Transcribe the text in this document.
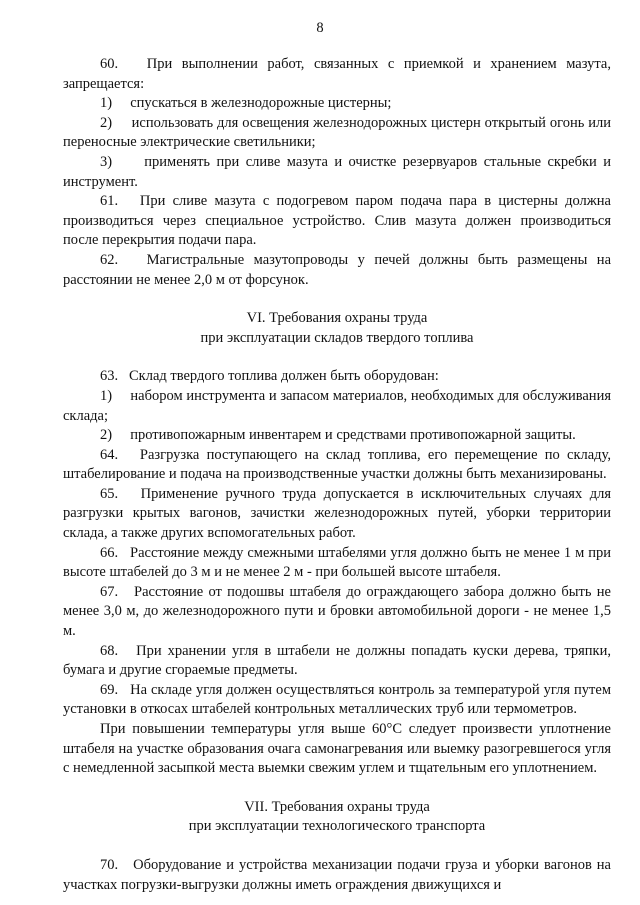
8

60.   При выполнении работ, связанных с приемкой и хранением мазута, запрещается:

1)     спускаться в железнодорожные цистерны;

2)     использовать для освещения железнодорожных цистерн открытый огонь или переносные электрические светильники;

3)     применять при сливе мазута и очистке резервуаров стальные скребки и инструмент.

61.   При сливе мазута с подогревом паром подача пара в цистерны должна производиться через специальное устройство. Слив мазута должен производиться после перекрытия подачи пара.

62.   Магистральные мазутопроводы у печей должны быть размещены на расстоянии не менее 2,0 м от форсунок.

VI. Требования охраны труда

при эксплуатации складов твердого топлива

63.   Склад твердого топлива должен быть оборудован:

1)     набором инструмента и запасом материалов, необходимых для обслуживания склада;

2)     противопожарным инвентарем и средствами противопожарной защиты.

64.   Разгрузка поступающего на склад топлива, его перемещение по складу, штабелирование и подача на производственные участки должны быть механизированы.

65.   Применение ручного труда допускается в исключительных случаях для разгрузки крытых вагонов, зачистки железнодорожных путей, уборки территории склада, а также других вспомогательных работ.

66.   Расстояние между смежными штабелями угля должно быть не менее 1 м при высоте штабелей до 3 м и не менее 2 м - при большей высоте штабеля.

67.   Расстояние от подошвы штабеля до ограждающего забора должно быть не менее 3,0 м, до железнодорожного пути и бровки автомобильной дороги - не менее 1,5 м.

68.   При хранении угля в штабели не должны попадать куски дерева, тряпки, бумага и другие сгораемые предметы.

69.   На складе угля должен осуществляться контроль за температурой угля путем установки в откосах штабелей контрольных металлических труб или термометров.

При повышении температуры угля выше 60°C следует произвести уплотнение штабеля на участке образования очага самонагревания или выемку разогревшегося угля с немедленной засыпкой места выемки свежим углем и тщательным его уплотнением.

VII. Требования охраны труда

при эксплуатации технологического транспорта

70.   Оборудование и устройства механизации подачи груза и уборки вагонов на участках погрузки-выгрузки должны иметь ограждения движущихся и
